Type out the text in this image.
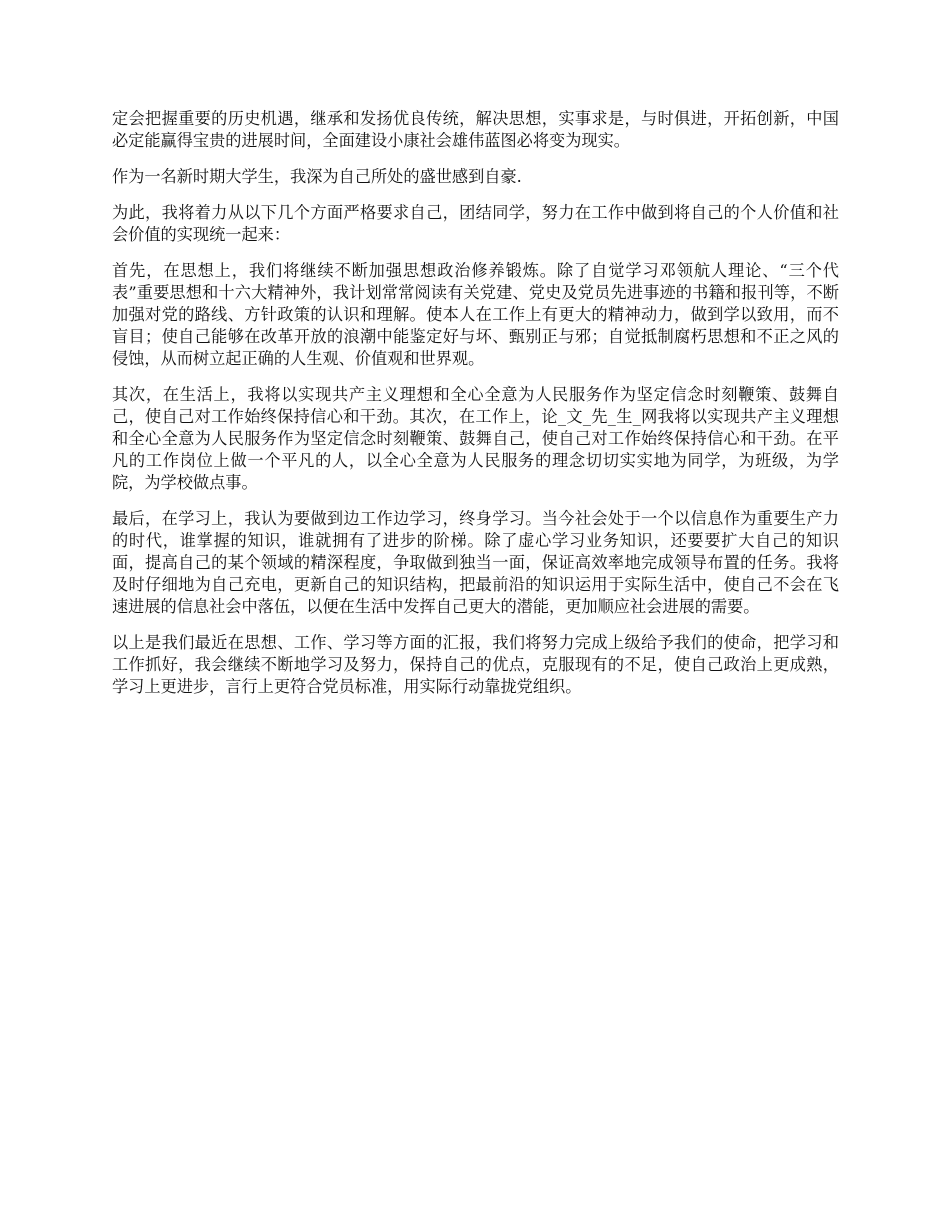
定会把握重要的历史机遇，继承和发扬优良传统，解决思想，实事求是，与时俱进，开拓创新，中国必定能赢得宝贵的进展时间，全面建设小康社会雄伟蓝图必将变为现实。

作为一名新时期大学生，我深为自己所处的盛世感到自豪.

为此，我将着力从以下几个方面严格要求自己，团结同学，努力在工作中做到将自己的个人价值和社会价值的实现统一起来：

首先，在思想上，我们将继续不断加强思想政治修养锻炼。除了自觉学习邓领航人理论、“三个代表”重要思想和十六大精神外，我计划常常阅读有关党建、党史及党员先进事迹的书籍和报刊等，不断加强对党的路线、方针政策的认识和理解。使本人在工作上有更大的精神动力，做到学以致用，而不盲目；使自己能够在改革开放的浪潮中能鉴定好与坏、甄别正与邪；自觉抵制腐朽思想和不正之风的侵蚀，从而树立起正确的人生观、价值观和世界观。

其次，在生活上，我将以实现共产主义理想和全心全意为人民服务作为坚定信念时刻鞭策、鼓舞自己，使自己对工作始终保持信心和干劲。其次，在工作上，论_文_先_生_网我将以实现共产主义理想和全心全意为人民服务作为坚定信念时刻鞭策、鼓舞自己，使自己对工作始终保持信心和干劲。在平凡的工作岗位上做一个平凡的人，以全心全意为人民服务的理念切切实实地为同学，为班级，为学院，为学校做点事。

最后，在学习上，我认为要做到边工作边学习，终身学习。当今社会处于一个以信息作为重要生产力的时代，谁掌握的知识，谁就拥有了进步的阶梯。除了虚心学习业务知识，还要要扩大自己的知识面，提高自己的某个领域的精深程度，争取做到独当一面，保证高效率地完成领导布置的任务。我将及时仔细地为自己充电，更新自己的知识结构，把最前沿的知识运用于实际生活中，使自己不会在飞速进展的信息社会中落伍，以便在生活中发挥自己更大的潜能，更加顺应社会进展的需要。

以上是我们最近在思想、工作、学习等方面的汇报，我们将努力完成上级给予我们的使命，把学习和工作抓好，我会继续不断地学习及努力，保持自己的优点，克服现有的不足，使自己政治上更成熟，学习上更进步，言行上更符合党员标准，用实际行动靠拢党组织。
